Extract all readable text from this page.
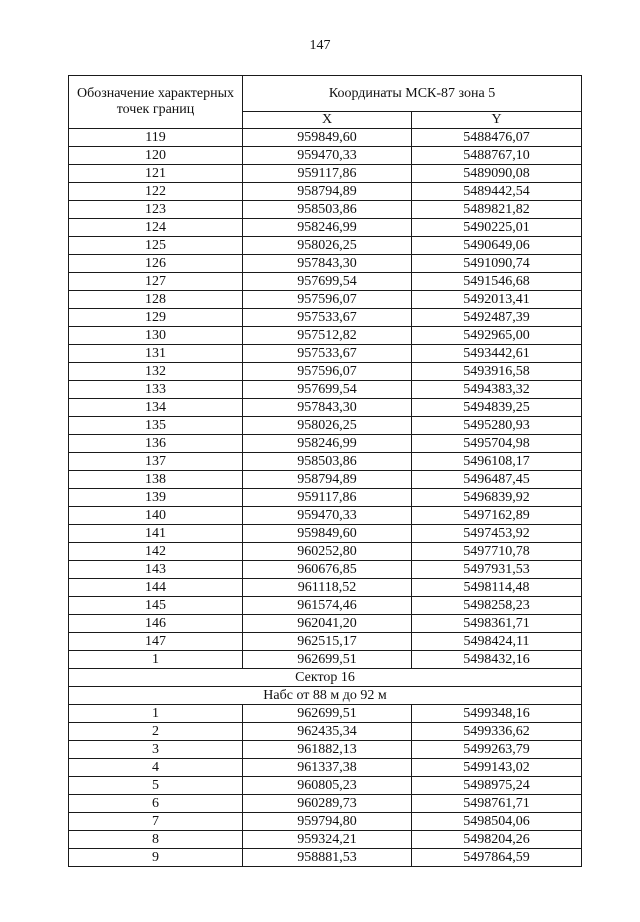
147
Обозначение характерных точек границ	Координаты МСК-87 зона 5	
	X	Y
119	959849,60	5488476,07
120	959470,33	5488767,10
121	959117,86	5489090,08
122	958794,89	5489442,54
123	958503,86	5489821,82
124	958246,99	5490225,01
125	958026,25	5490649,06
126	957843,30	5491090,74
127	957699,54	5491546,68
128	957596,07	5492013,41
129	957533,67	5492487,39
130	957512,82	5492965,00
131	957533,67	5493442,61
132	957596,07	5493916,58
133	957699,54	5494383,32
134	957843,30	5494839,25
135	958026,25	5495280,93
136	958246,99	5495704,98
137	958503,86	5496108,17
138	958794,89	5496487,45
139	959117,86	5496839,92
140	959470,33	5497162,89
141	959849,60	5497453,92
142	960252,80	5497710,78
143	960676,85	5497931,53
144	961118,52	5498114,48
145	961574,46	5498258,23
146	962041,20	5498361,71
147	962515,17	5498424,11
1	962699,51	5498432,16
Сектор 16		
Набс от 88 м до 92 м		
1	962699,51	5499348,16
2	962435,34	5499336,62
3	961882,13	5499263,79
4	961337,38	5499143,02
5	960805,23	5498975,24
6	960289,73	5498761,71
7	959794,80	5498504,06
8	959324,21	5498204,26
9	958881,53	5497864,59
